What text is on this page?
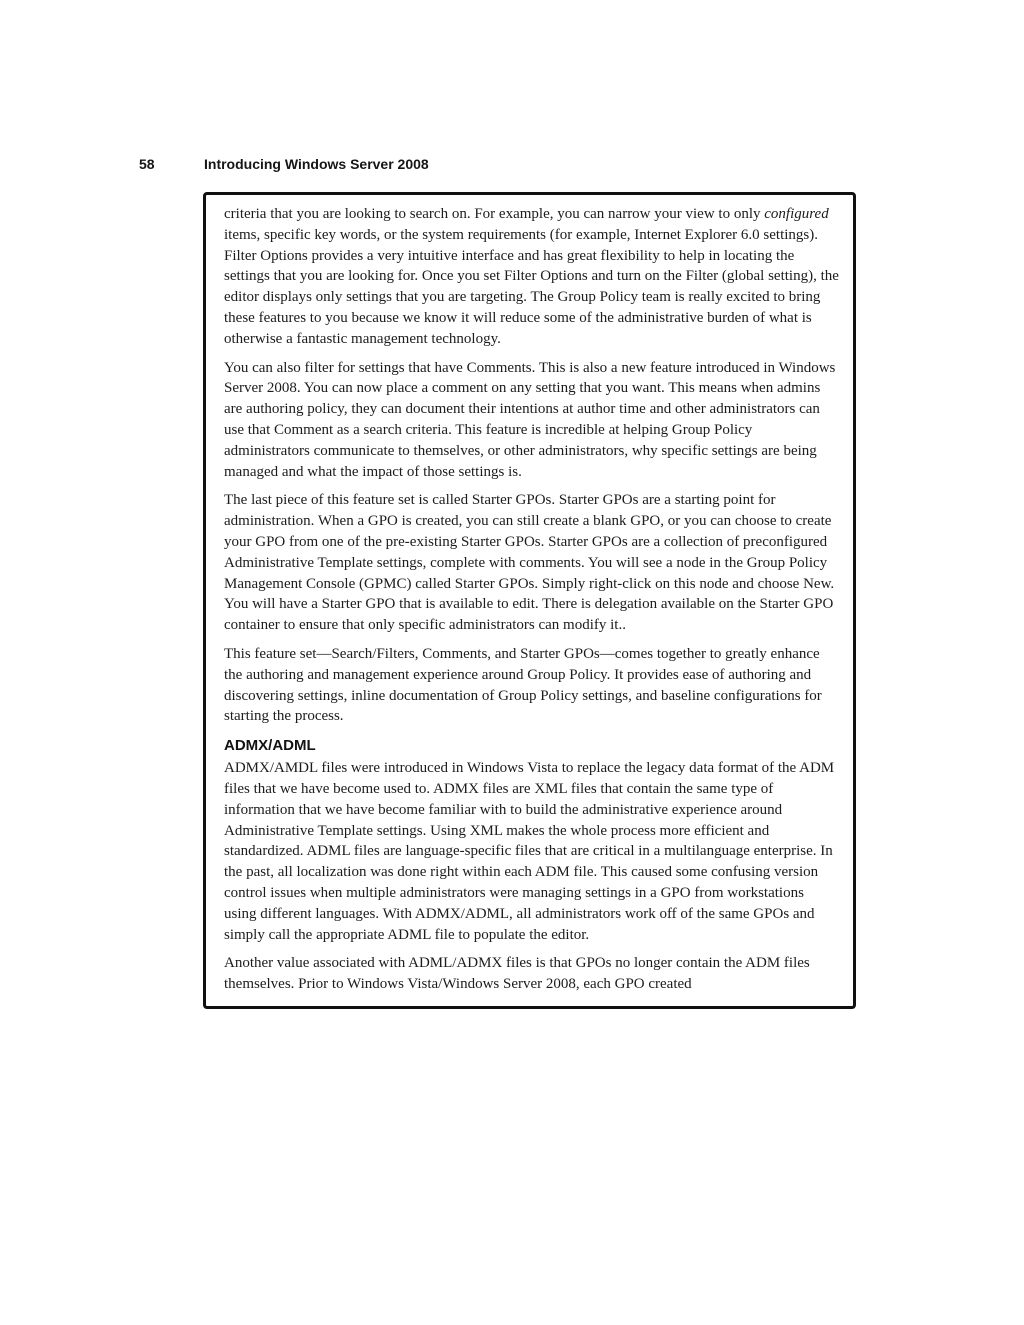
58	Introducing Windows Server 2008

criteria that you are looking to search on. For example, you can narrow your view to only configured items, specific key words, or the system requirements (for example, Internet Explorer 6.0 settings). Filter Options provides a very intuitive interface and has great flexibility to help in locating the settings that you are looking for. Once you set Filter Options and turn on the Filter (global setting), the editor displays only settings that you are targeting. The Group Policy team is really excited to bring these features to you because we know it will reduce some of the administrative burden of what is otherwise a fantastic management technology.

You can also filter for settings that have Comments. This is also a new feature introduced in Windows Server 2008. You can now place a comment on any setting that you want. This means when admins are authoring policy, they can document their intentions at author time and other administrators can use that Comment as a search criteria. This feature is incredible at helping Group Policy administrators communicate to themselves, or other administrators, why specific settings are being managed and what the impact of those settings is.

The last piece of this feature set is called Starter GPOs. Starter GPOs are a starting point for administration. When a GPO is created, you can still create a blank GPO, or you can choose to create your GPO from one of the pre-existing Starter GPOs. Starter GPOs are a collection of preconfigured Administrative Template settings, complete with comments. You will see a node in the Group Policy Management Console (GPMC) called Starter GPOs. Simply right-click on this node and choose New. You will have a Starter GPO that is available to edit. There is delegation available on the Starter GPO container to ensure that only specific administrators can modify it..

This feature set—Search/Filters, Comments, and Starter GPOs—comes together to greatly enhance the authoring and management experience around Group Policy. It provides ease of authoring and discovering settings, inline documentation of Group Policy settings, and baseline configurations for starting the process.

ADMX/ADML

ADMX/AMDL files were introduced in Windows Vista to replace the legacy data format of the ADM files that we have become used to. ADMX files are XML files that contain the same type of information that we have become familiar with to build the administrative experience around Administrative Template settings. Using XML makes the whole process more efficient and standardized. ADML files are language-specific files that are critical in a multilanguage enterprise. In the past, all localization was done right within each ADM file. This caused some confusing version control issues when multiple administrators were managing settings in a GPO from workstations using different languages. With ADMX/ADML, all administrators work off of the same GPOs and simply call the appropriate ADML file to populate the editor.

Another value associated with ADML/ADMX files is that GPOs no longer contain the ADM files themselves. Prior to Windows Vista/Windows Server 2008, each GPO created
